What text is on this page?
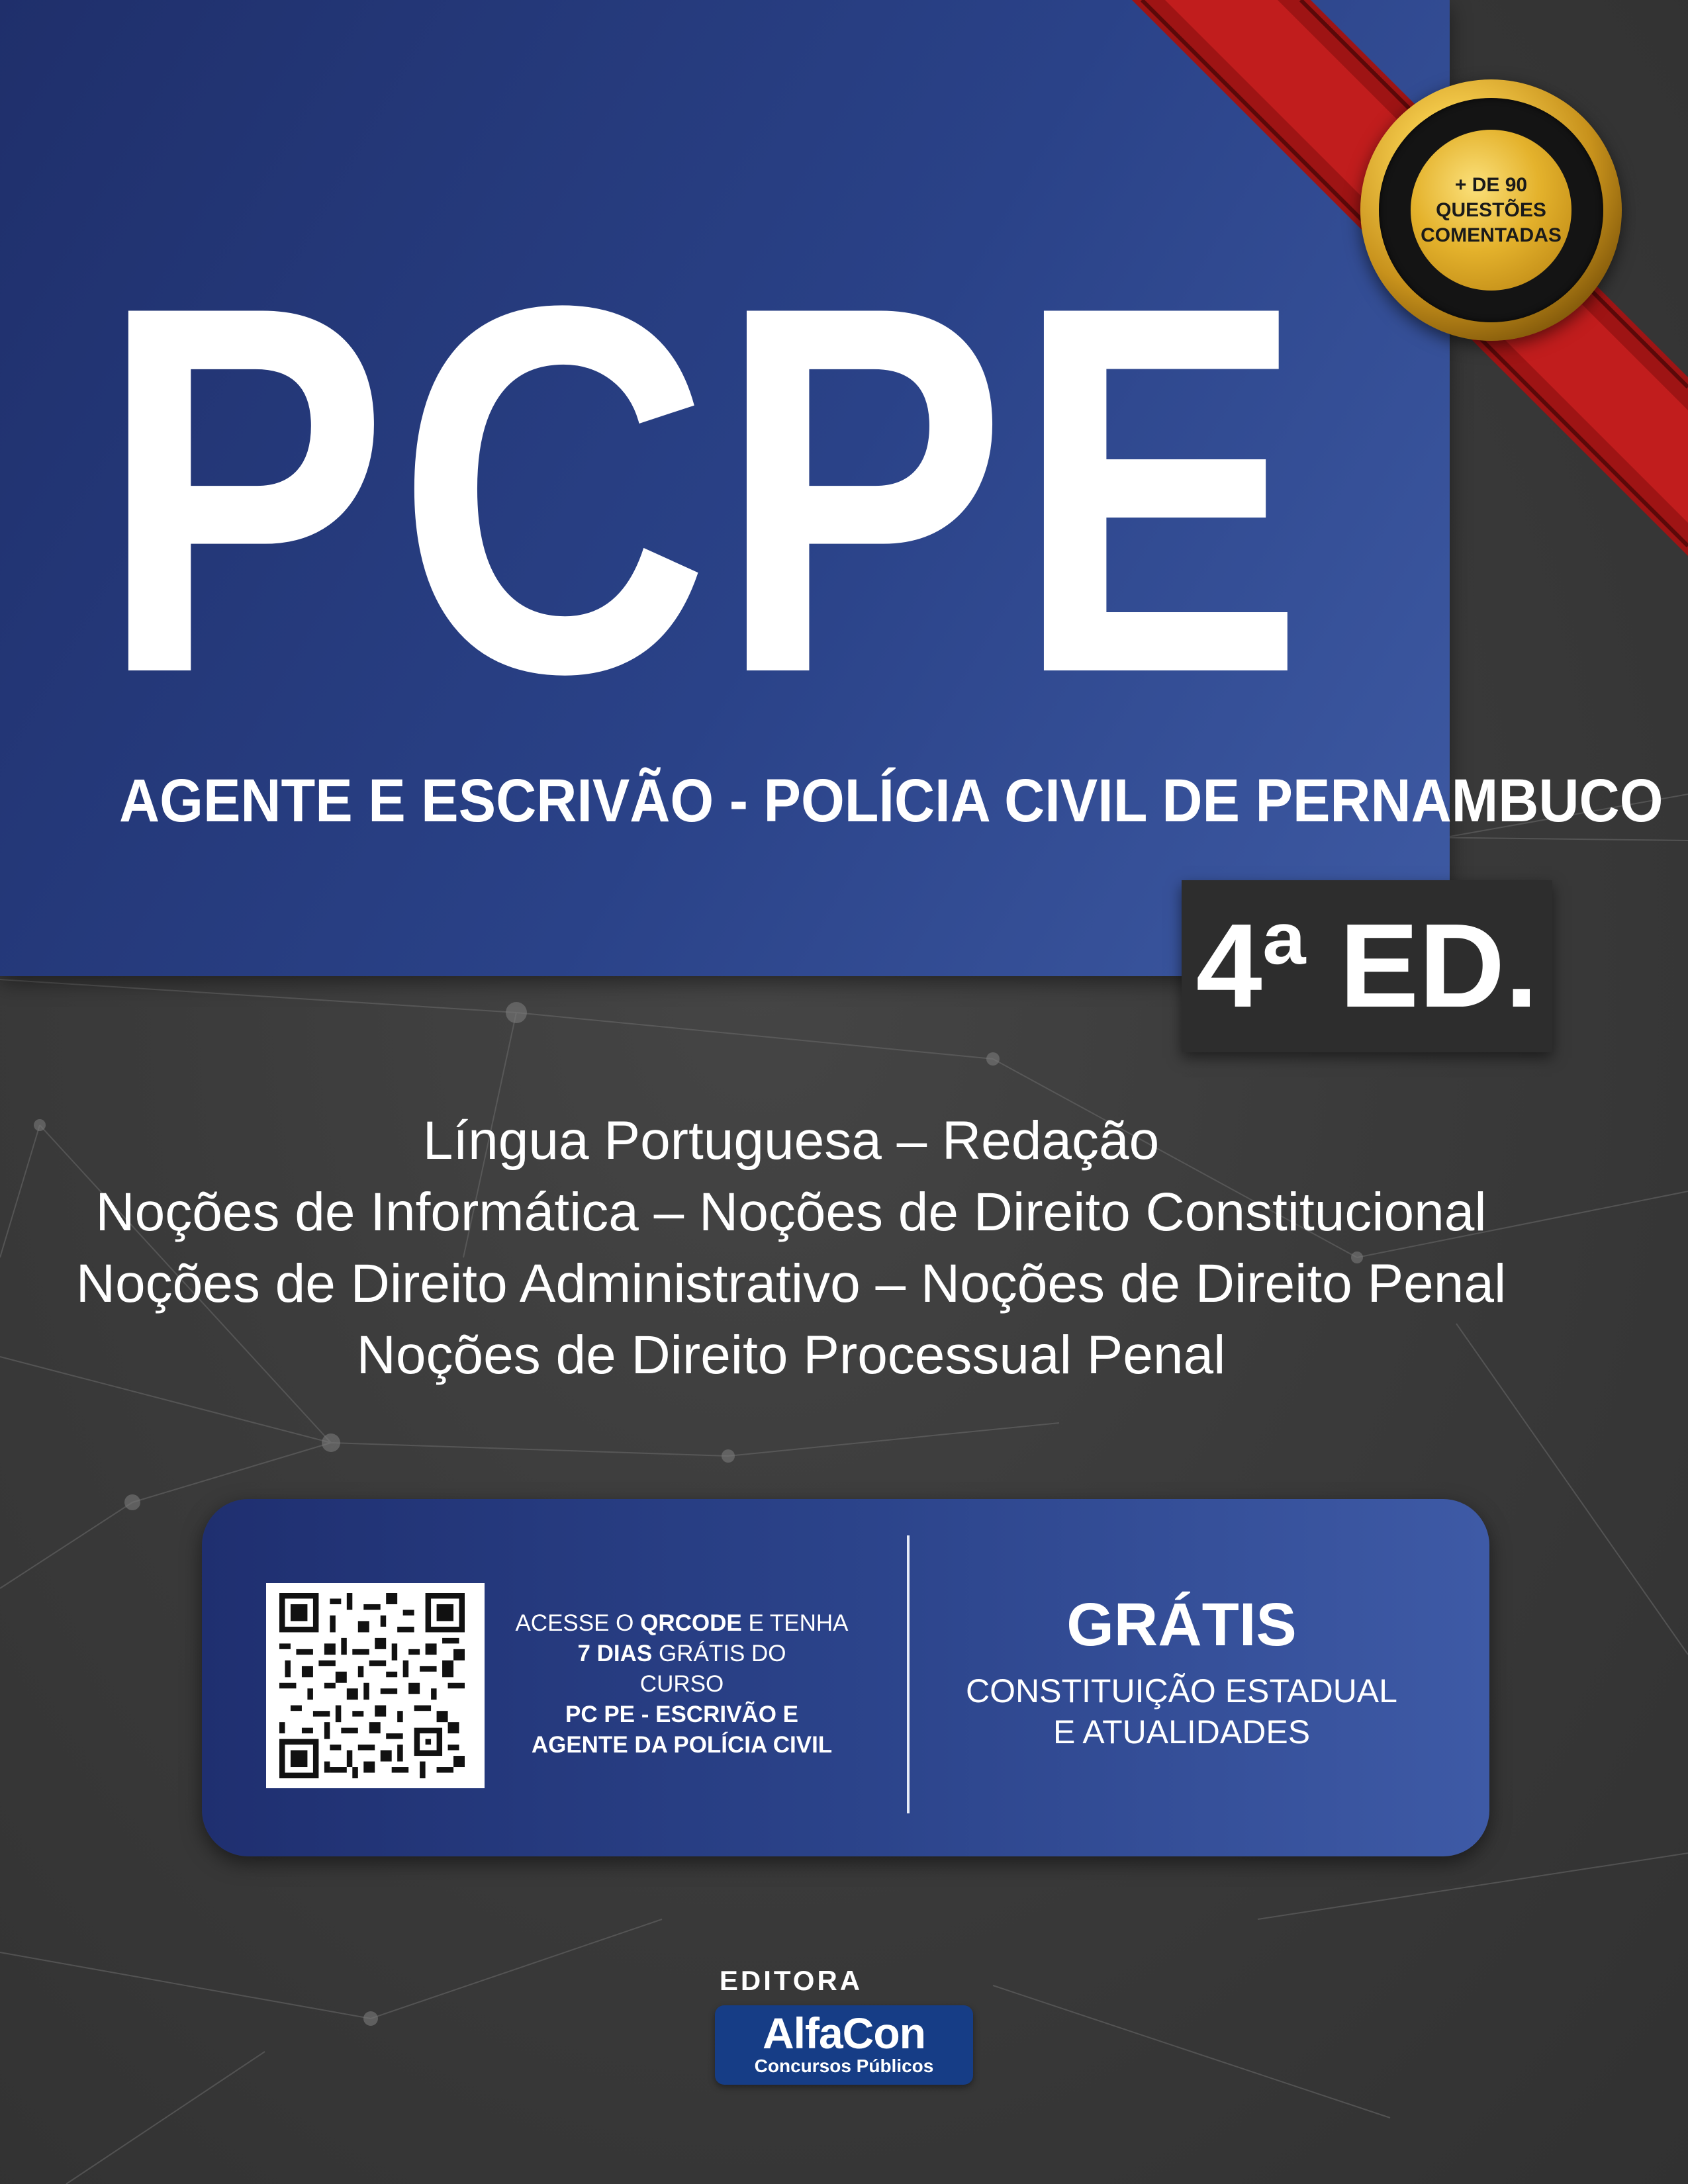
PCPE
AGENTE E ESCRIVÃO - POLÍCIA CIVIL DE PERNAMBUCO
+ DE 90
QUESTÕES
COMENTADAS
4ª ED.
Língua Portuguesa – Redação
Noções de Informática – Noções de Direito Constitucional
Noções de Direito Administrativo – Noções de Direito Penal
Noções de Direito Processual Penal
ACESSE O QRCODE E TENHA
7 DIAS GRÁTIS DO
CURSO
PC PE - ESCRIVÃO E
AGENTE DA POLÍCIA CIVIL
GRÁTIS
CONSTITUIÇÃO ESTADUAL
E ATUALIDADES
EDITORA
AlfaCon
Concursos Públicos
